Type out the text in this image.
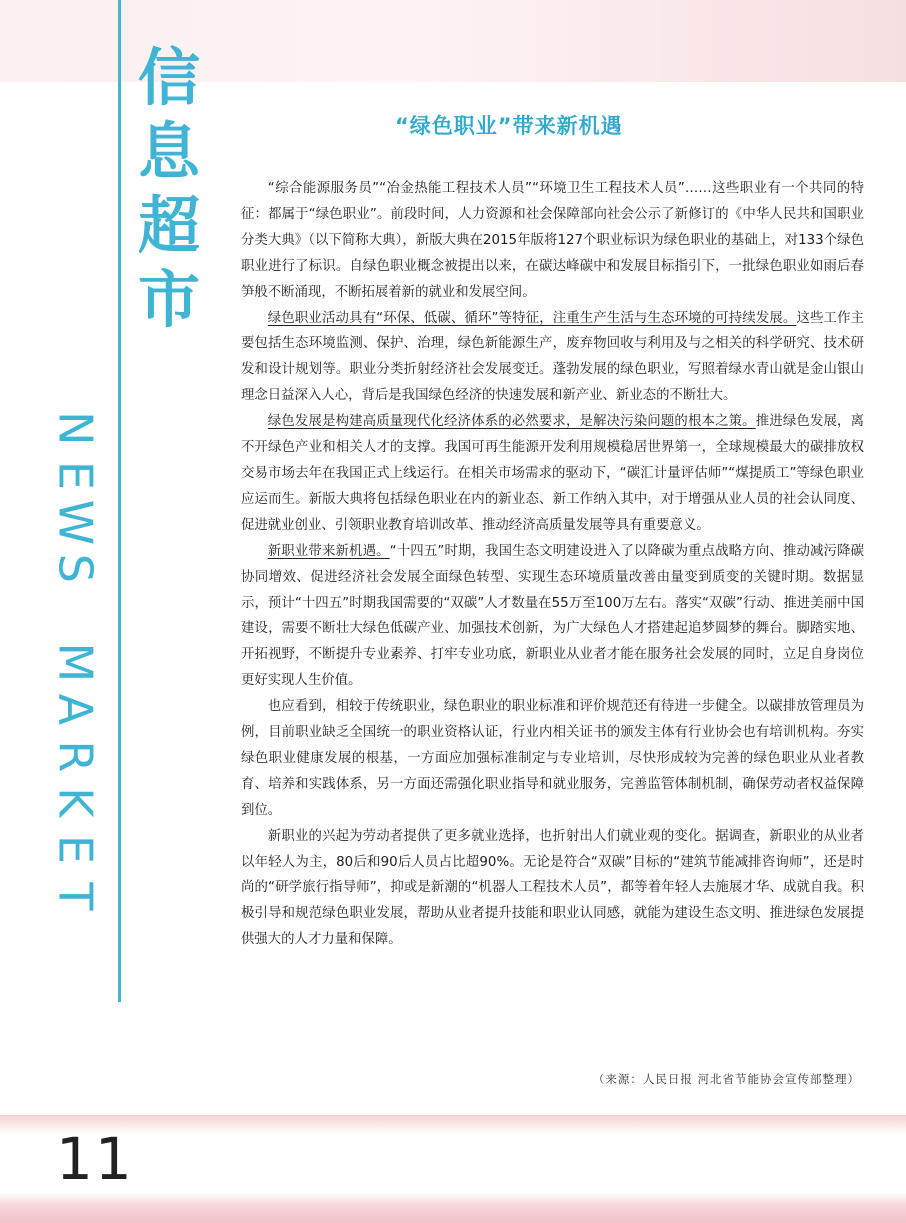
信
息
超
市
N
E
W
S

M
A
R
K
E
T
“绿色职业”带来新机遇

“综合能源服务员”“冶金热能工程技术人员”“环境卫生工程技术人员”……这些职业有一个共同的特征：都属于“绿色职业”。前段时间，人力资源和社会保障部向社会公示了新修订的《中华人民共和国职业分类大典》（以下简称大典），新版大典在2015年版将127个职业标识为绿色职业的基础上，对133个绿色职业进行了标识。自绿色职业概念被提出以来，在碳达峰碳中和发展目标指引下，一批绿色职业如雨后春笋般不断涌现，不断拓展着新的就业和发展空间。

绿色职业活动具有“环保、低碳、循环”等特征，注重生产生活与生态环境的可持续发展。这些工作主要包括生态环境监测、保护、治理，绿色新能源生产，废弃物回收与利用及与之相关的科学研究、技术研发和设计规划等。职业分类折射经济社会发展变迁。蓬勃发展的绿色职业，写照着绿水青山就是金山银山理念日益深入人心，背后是我国绿色经济的快速发展和新产业、新业态的不断壮大。

绿色发展是构建高质量现代化经济体系的必然要求，是解决污染问题的根本之策。推进绿色发展，离不开绿色产业和相关人才的支撑。我国可再生能源开发利用规模稳居世界第一，全球规模最大的碳排放权交易市场去年在我国正式上线运行。在相关市场需求的驱动下，“碳汇计量评估师”“煤提质工”等绿色职业应运而生。新版大典将包括绿色职业在内的新业态、新工作纳入其中，对于增强从业人员的社会认同度、促进就业创业、引领职业教育培训改革、推动经济高质量发展等具有重要意义。

新职业带来新机遇。“十四五”时期，我国生态文明建设进入了以降碳为重点战略方向、推动减污降碳协同增效、促进经济社会发展全面绿色转型、实现生态环境质量改善由量变到质变的关键时期。数据显示，预计“十四五”时期我国需要的“双碳”人才数量在55万至100万左右。落实“双碳”行动、推进美丽中国建设，需要不断壮大绿色低碳产业、加强技术创新，为广大绿色人才搭建起追梦圆梦的舞台。脚踏实地、开拓视野，不断提升专业素养、打牢专业功底，新职业从业者才能在服务社会发展的同时，立足自身岗位更好实现人生价值。

也应看到，相较于传统职业，绿色职业的职业标准和评价规范还有待进一步健全。以碳排放管理员为例，目前职业缺乏全国统一的职业资格认证，行业内相关证书的颁发主体有行业协会也有培训机构。夯实绿色职业健康发展的根基，一方面应加强标准制定与专业培训，尽快形成较为完善的绿色职业从业者教育、培养和实践体系，另一方面还需强化职业指导和就业服务，完善监管体制机制，确保劳动者权益保障到位。

新职业的兴起为劳动者提供了更多就业选择，也折射出人们就业观的变化。据调查，新职业的从业者以年轻人为主，80后和90后人员占比超90%。无论是符合“双碳”目标的“建筑节能减排咨询师”，还是时尚的“研学旅行指导师”，抑或是新潮的“机器人工程技术人员”，都等着年轻人去施展才华、成就自我。积极引导和规范绿色职业发展，帮助从业者提升技能和职业认同感，就能为建设生态文明、推进绿色发展提供强大的人才力量和保障。

（来源：人民日报 河北省节能协会宣传部整理）
11
